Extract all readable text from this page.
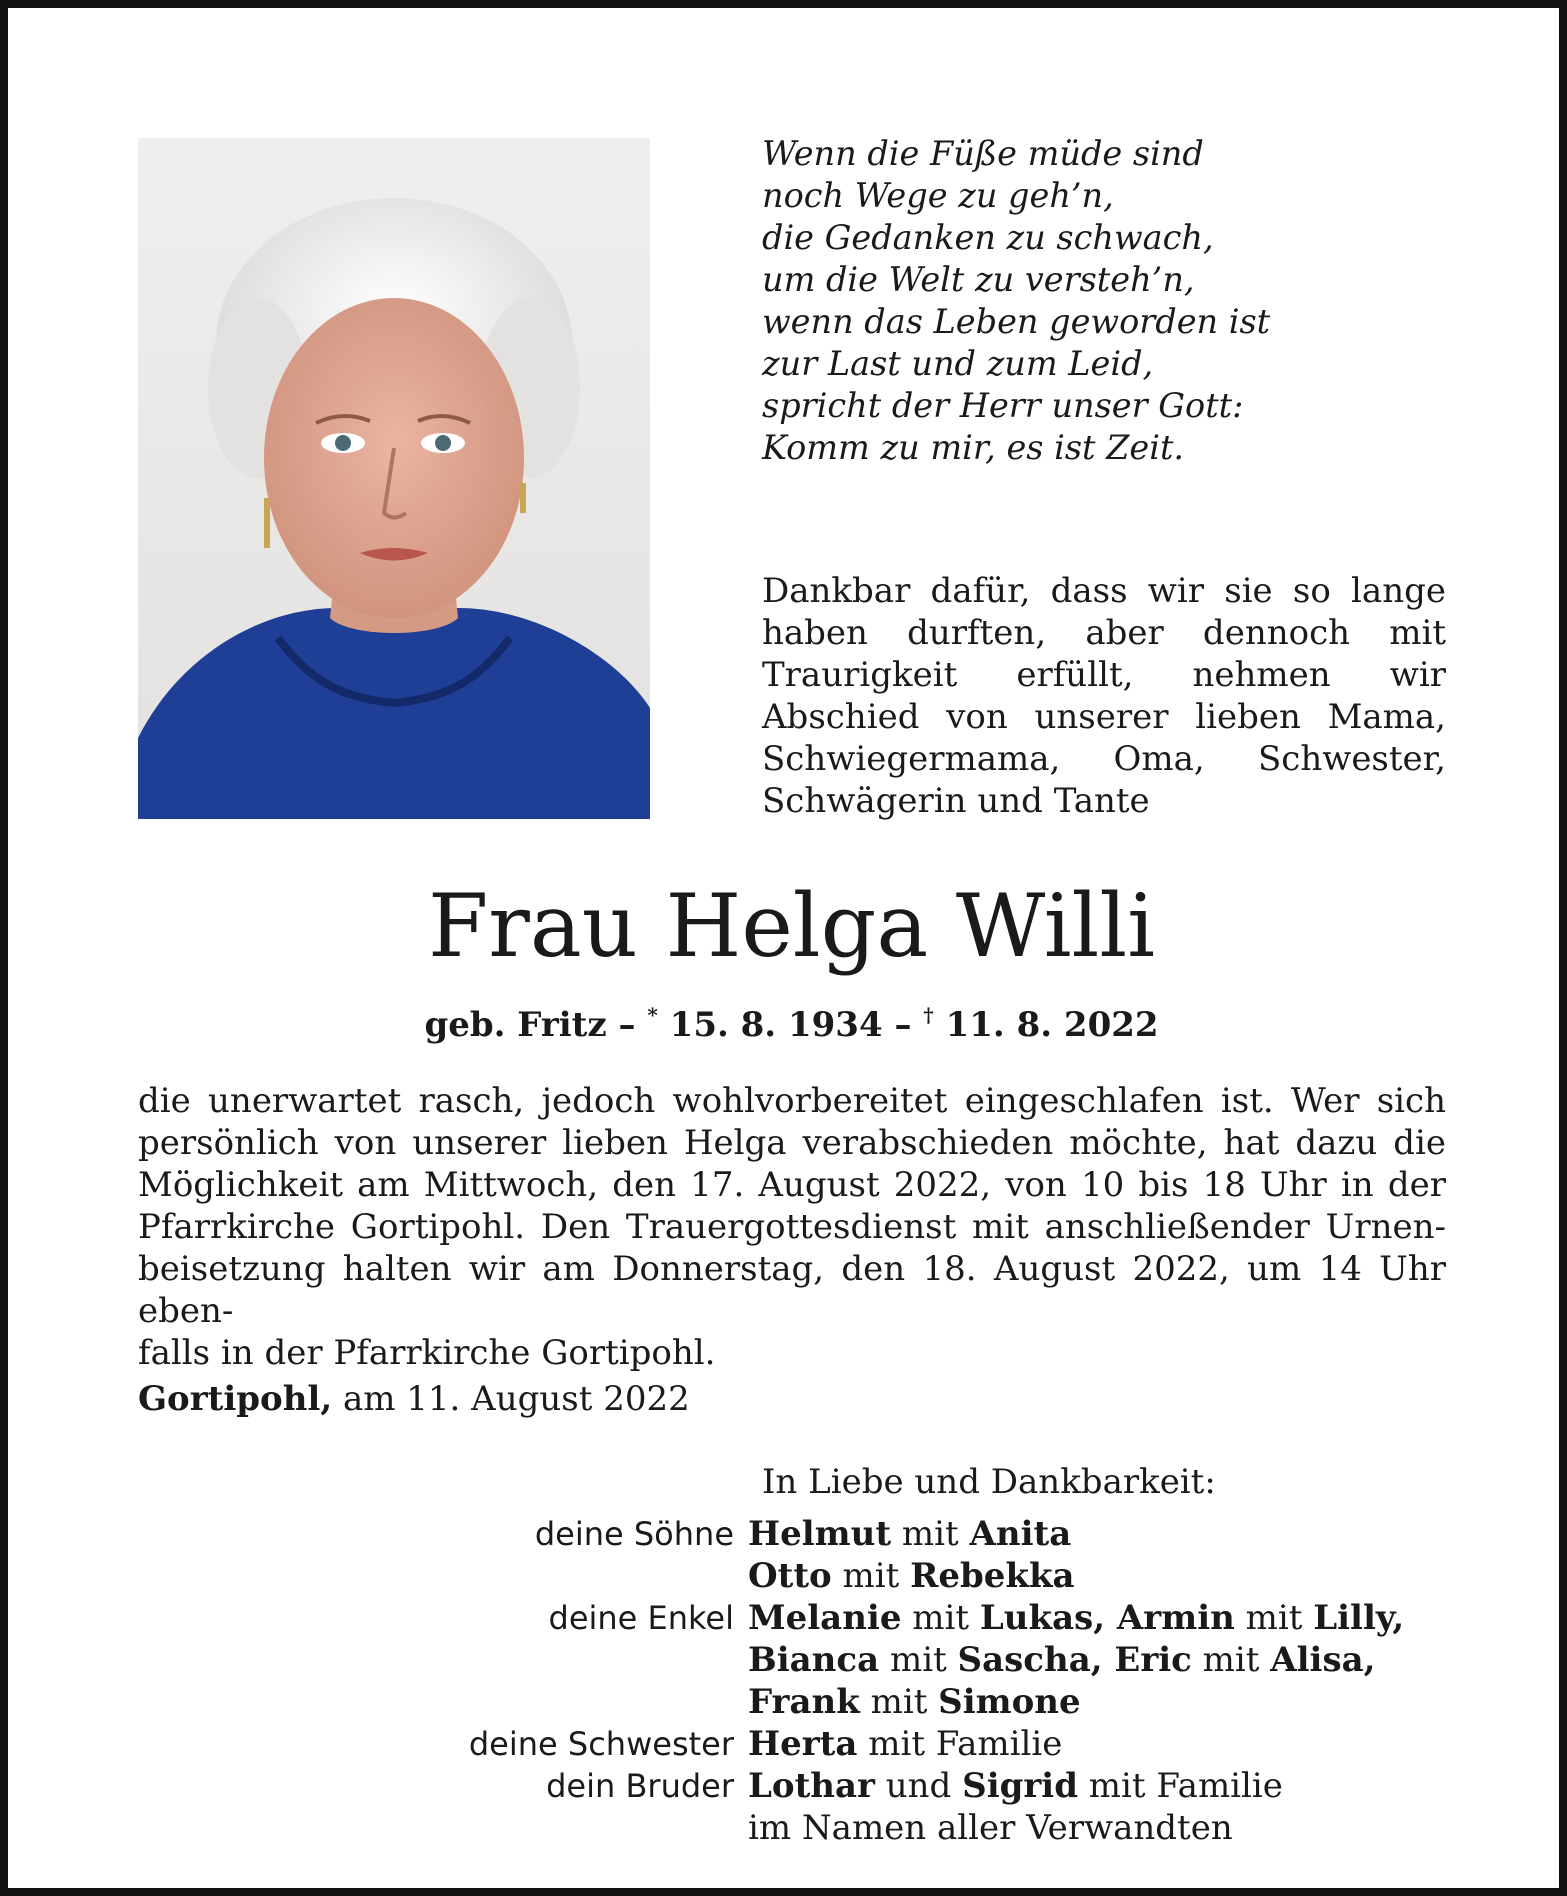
Wenn die Füße müde sind
noch Wege zu geh’n,
die Gedanken zu schwach,
um die Welt zu versteh’n,
wenn das Leben geworden ist
zur Last und zum Leid,
spricht der Herr unser Gott:
Komm zu mir, es ist Zeit.

Dankbar dafür, dass wir sie so lange haben durften, aber dennoch mit Traurigkeit erfüllt, nehmen wir Abschied von unserer lieben Mama, Schwiegermama, Oma, Schwester, Schwägerin und Tante

Frau Helga Willi
geb. Fritz – * 15. 8. 1934 – † 11. 8. 2022
die unerwartet rasch, jedoch wohlvorbereitet eingeschlafen ist. Wer sich
persönlich von unserer lieben Helga verabschieden möchte, hat dazu die
Möglichkeit am Mittwoch, den 17. August 2022, von 10 bis 18 Uhr in der
Pfarrkirche Gortipohl. Den Trauergottesdienst mit anschließender Urnen-
beisetzung halten wir am Donnerstag, den 18. August 2022, um 14 Uhr eben-
falls in der Pfarrkirche Gortipohl.
Gortipohl, am 11. August 2022
In Liebe und Dankbarkeit:
deine Söhne Helmut mit Anita
Otto mit Rebekka
deine Enkel Melanie mit Lukas, Armin mit Lilly,
Bianca mit Sascha, Eric mit Alisa,
Frank mit Simone
deine Schwester Herta mit Familie
dein Bruder Lothar und Sigrid mit Familie
im Namen aller Verwandten
